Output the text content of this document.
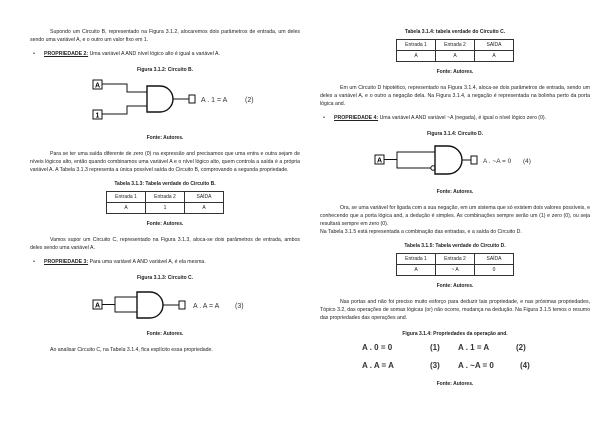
Supondo um Circuito B, representado na Figura 3.1.2, alocaremos dois parâmetros de entrada, um deles sendo uma variável A, e o outro um valor fixo em 1.

•	PROPRIEDADE 2: Uma variável A AND nível lógico alto é igual a variável A.
Figura 3.1.2: Circuito B.
A
1
A . 1 = A	(2)
Fonte: Autores.

Para se ter uma saída diferente de zero (0) na expressão and precisamos que uma entra e outra sejam de níveis lógicos alto, então quando combinamos uma variável A e o nível lógico alto, quem controla a saída é a própria variável A. A Tabela 3.1.3 representa a única possível saída do Circuito B, comprovando a segunda propriedade.

Tabela 3.1.3: Tabela verdade do Circuito B.
Entrada 1	Entrada 2	SAÍDA
A	1	A
Fonte: Autores.

Vamos supor um Circuito C, representado na Figura 3.1.3, aloca-se dois parâmetros de entrada, ambos deles sendo uma variável A.

•	PROPRIEDADE 3: Para uma variável A AND variável A, é ela mesma.
Figura 3.1.3: Circuito C.
A	A . A = A (3)
Fonte: Autores.

Ao analisar Circuito C, na Tabela 3.1.4, fica explícito essa propriedade.

Tabela 3.1.4: tabela verdade do Circuito C.
Entrada 1	Entrada 2	SAÍDA
A	A	A
Fonte: Autores.

Em um Circuito D hipotético, representado na Figura 3.1.4, aloca-se dois parâmetros de entrada, sendo um deles a variável A, e o outro a negação dela. Na Figura 3.1.4, a negação é representada na bolinha perto da porta lógica and.

•	PROPRIEDADE 4: Uma variável A AND variável ~A (negada), é igual o nível lógico zero (0).
Figura 3.1.4: Circuito D.
A	A . ~A = 0 (4)
Fonte: Autores.

Ora, se uma variável for ligada com a sua negação, em um sistema que só existem dois valores possíveis, e conhecendo que a porta lógica and, a dedução é simples. As combinações sempre serão um (1) e zero (0), ou seja resultará sempre em zero (0).

Na Tabela 3.1.5 está representada a combinação das entradas, e a saída do Circuito D.

Tabela 3.1.5: Tabela verdade do Circuito D.
Entrada 1	Entrada 2	SAÍDA
A	~ A	0
Fonte: Autores.

Nas portas and não foi preciso muito esforço para deduzir tais propriedade, e nas próximas propriedades, Tópico 3.2, das operações de somas lógicas (or) não ocorre, mudança na dedução. Na Figura 3.1.5 temos o resumo das propriedades das operações and.

Figura 3.1.4: Propriedades da operação and.
A . 0 = 0	(1) A . 1 = A	(2)
A . A = A	(3) A . ~A = 0	(4)
Fonte: Autores.
